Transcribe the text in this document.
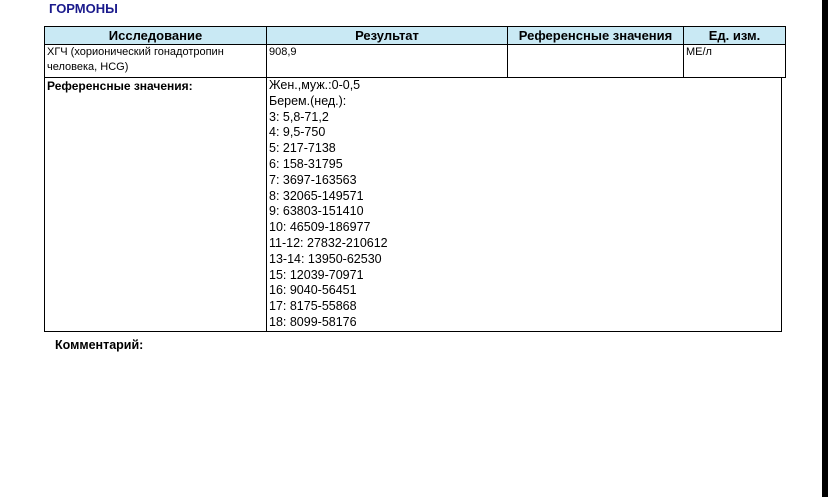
ГОРМОНЫ
Исследование	Результат	Референсные значения	Ед. изм.
ХГЧ (хорионический гонадотропин человека, HCG)	908,9		МЕ/л
Референсные значения:	Жен.,муж.:0-0,5
Берем.(нед.):
3: 5,8-71,2
4: 9,5-750
5: 217-7138
6: 158-31795
7: 3697-163563
8: 32065-149571
9: 63803-151410
10: 46509-186977
11-12: 27832-210612
13-14: 13950-62530
15: 12039-70971
16: 9040-56451
17: 8175-55868
18: 8099-58176
Комментарий:
